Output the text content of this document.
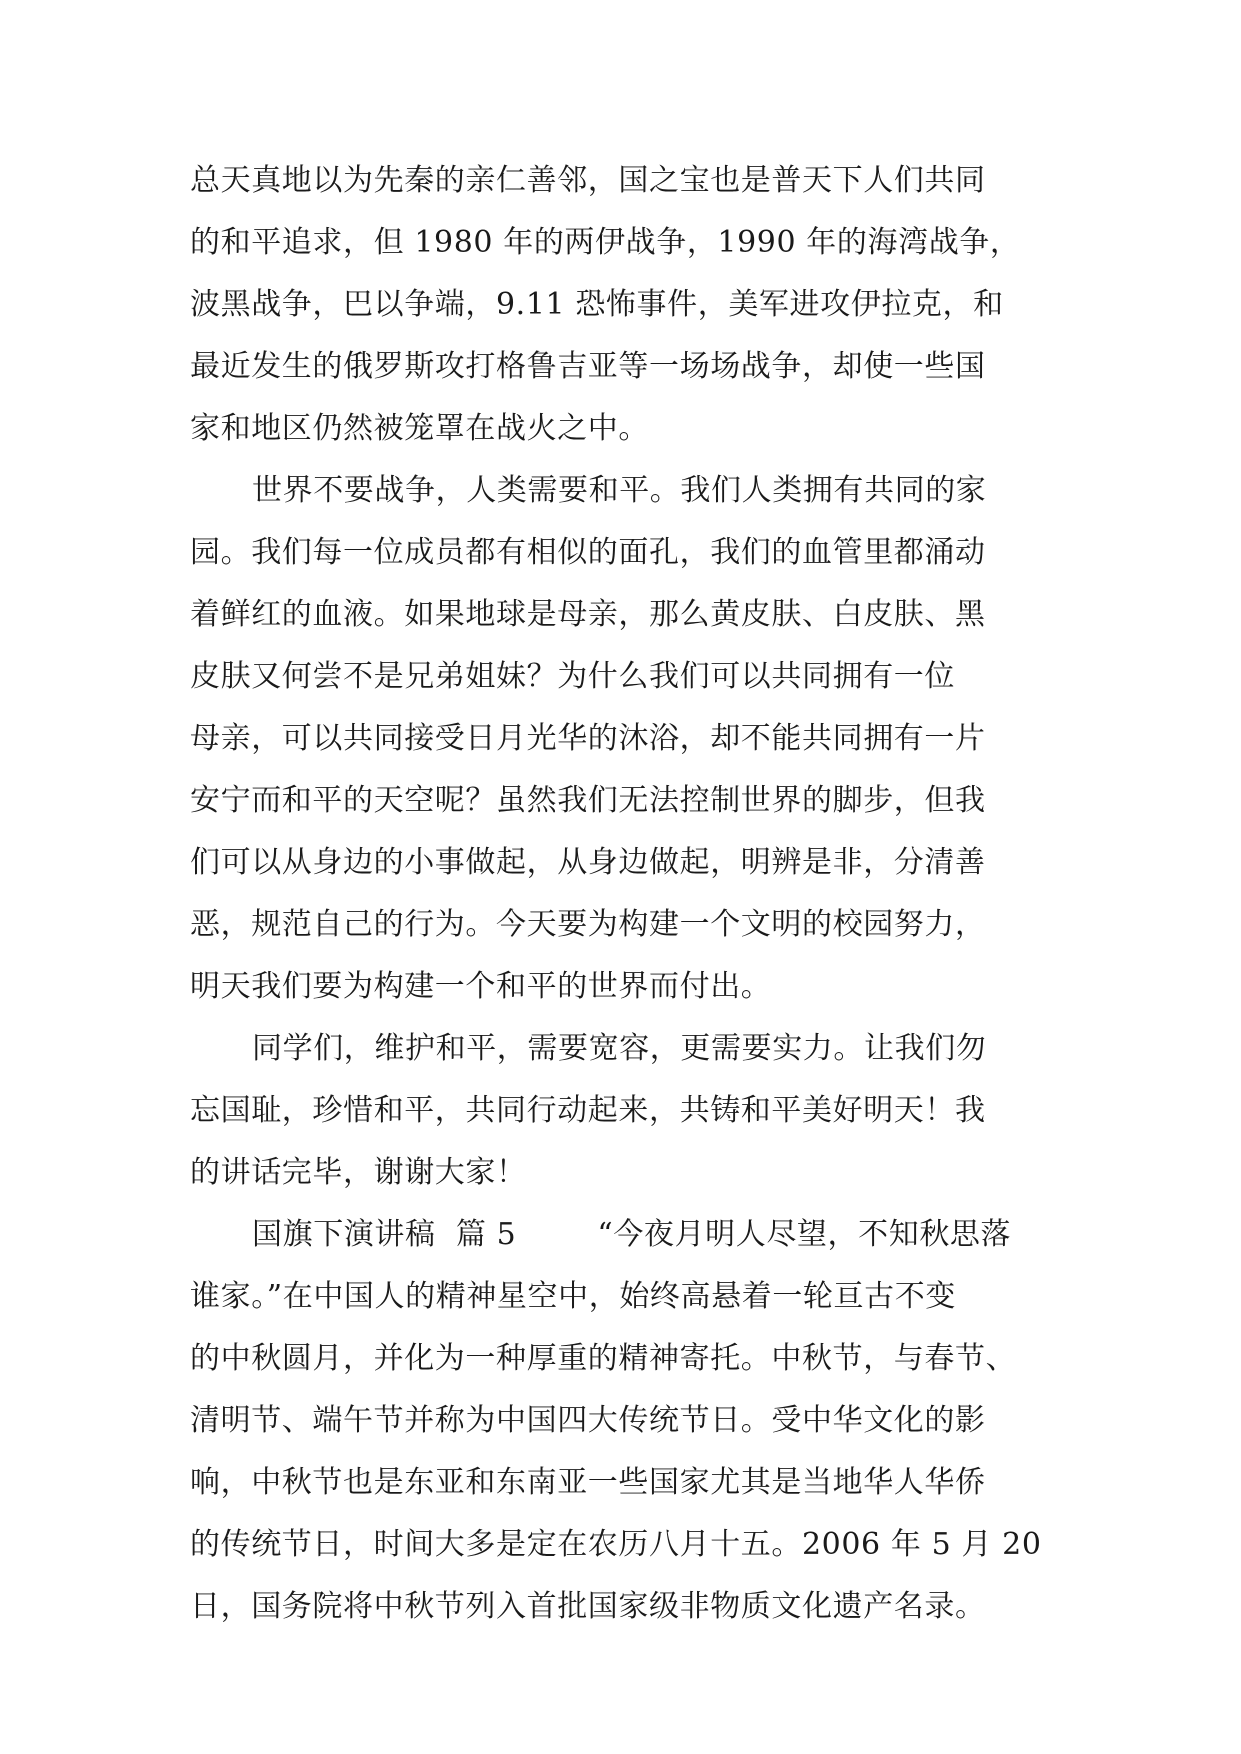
总天真地以为先秦的亲仁善邻，国之宝也是普天下人们共同
的和平追求，但 1980 年的两伊战争，1990 年的海湾战争，
波黑战争，巴以争端，9.11 恐怖事件，美军进攻伊拉克，和
最近发生的俄罗斯攻打格鲁吉亚等一场场战争，却使一些国
家和地区仍然被笼罩在战火之中。
世界不要战争，人类需要和平。我们人类拥有共同的家
园。我们每一位成员都有相似的面孔，我们的血管里都涌动
着鲜红的血液。如果地球是母亲，那么黄皮肤、白皮肤、黑
皮肤又何尝不是兄弟姐妹？为什么我们可以共同拥有一位
母亲，可以共同接受日月光华的沐浴，却不能共同拥有一片
安宁而和平的天空呢？虽然我们无法控制世界的脚步，但我
们可以从身边的小事做起，从身边做起，明辨是非，分清善
恶，规范自己的行为。今天要为构建一个文明的校园努力，
明天我们要为构建一个和平的世界而付出。
同学们，维护和平，需要宽容，更需要实力。让我们勿
忘国耻，珍惜和平，共同行动起来，共铸和平美好明天！我
的讲话完毕，谢谢大家！
国旗下演讲稿  篇 5        “今夜月明人尽望，不知秋思落
谁家。”在中国人的精神星空中，始终高悬着一轮亘古不变
的中秋圆月，并化为一种厚重的精神寄托。中秋节，与春节、
清明节、端午节并称为中国四大传统节日。受中华文化的影
响，中秋节也是东亚和东南亚一些国家尤其是当地华人华侨
的传统节日，时间大多是定在农历八月十五。2006 年 5 月 20
日，国务院将中秋节列入首批国家级非物质文化遗产名录。
